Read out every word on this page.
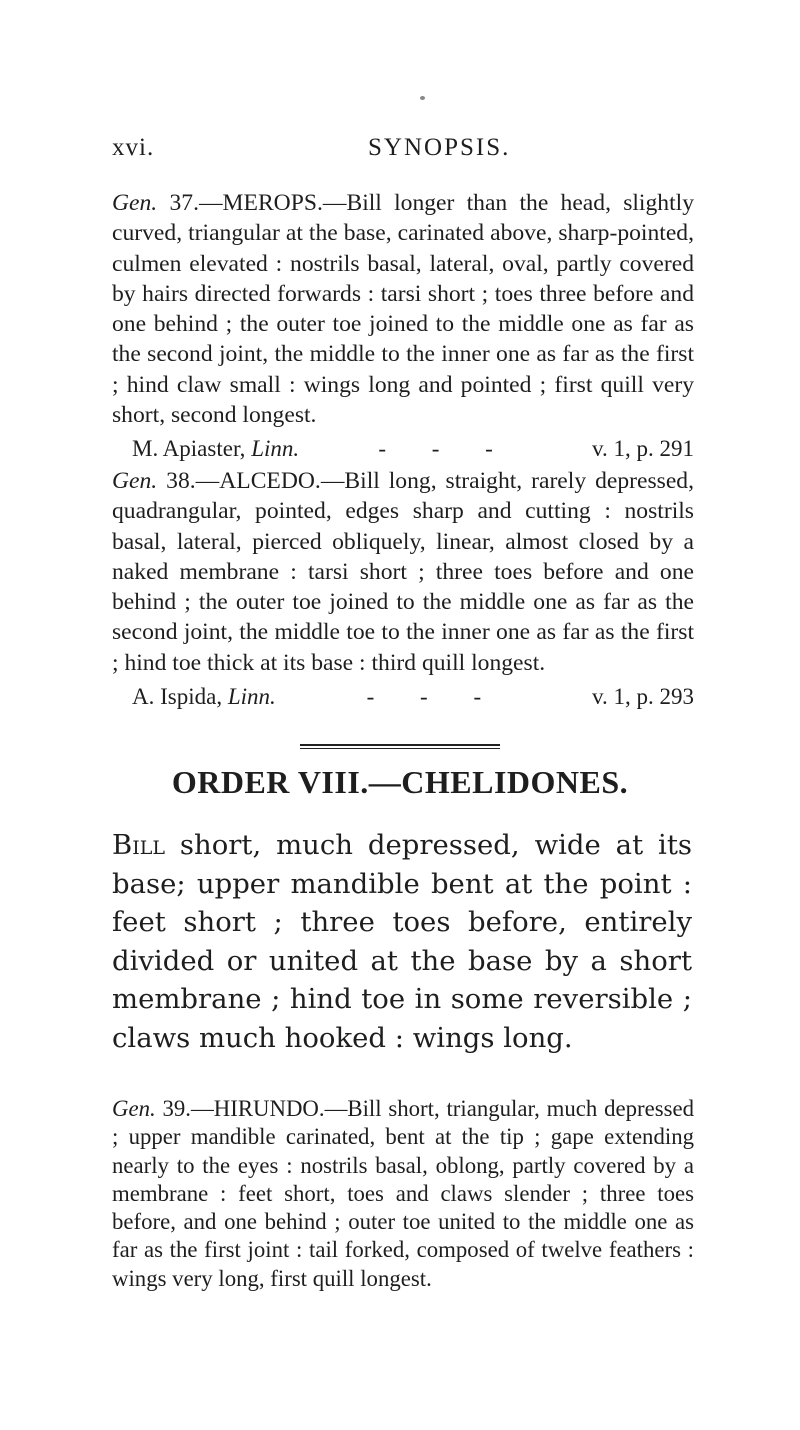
xvi.	SYNOPSIS.

Gen. 37.—MEROPS.—Bill longer than the head, slightly curved, triangular at the base, carinated above, sharp-pointed, culmen elevated : nostrils basal, lateral, oval, partly covered by hairs directed forwards : tarsi short ; toes three before and one behind ; the outer toe joined to the middle one as far as the second joint, the middle to the inner one as far as the first ; hind claw small : wings long and pointed ; first quill very short, second longest.

M. Apiaster, Linn.	- - -	v. 1, p. 291

Gen. 38.—ALCEDO.—Bill long, straight, rarely depressed, quadrangular, pointed, edges sharp and cutting : nostrils basal, lateral, pierced obliquely, linear, almost closed by a naked membrane : tarsi short ; three toes before and one behind ; the outer toe joined to the middle one as far as the second joint, the middle toe to the inner one as far as the first ; hind toe thick at its base : third quill longest.

A. Ispida, Linn.	- - -	v. 1, p. 293

ORDER VIII.—CHELIDONES.

Bill short, much depressed, wide at its base; upper mandible bent at the point : feet short ; three toes before, entirely divided or united at the base by a short membrane ; hind toe in some reversible ; claws much hooked : wings long.

Gen. 39.—HIRUNDO.—Bill short, triangular, much depressed ; upper mandible carinated, bent at the tip ; gape extending nearly to the eyes : nostrils basal, oblong, partly covered by a membrane : feet short, toes and claws slender ; three toes before, and one behind ; outer toe united to the middle one as far as the first joint : tail forked, composed of twelve feathers : wings very long, first quill longest.
